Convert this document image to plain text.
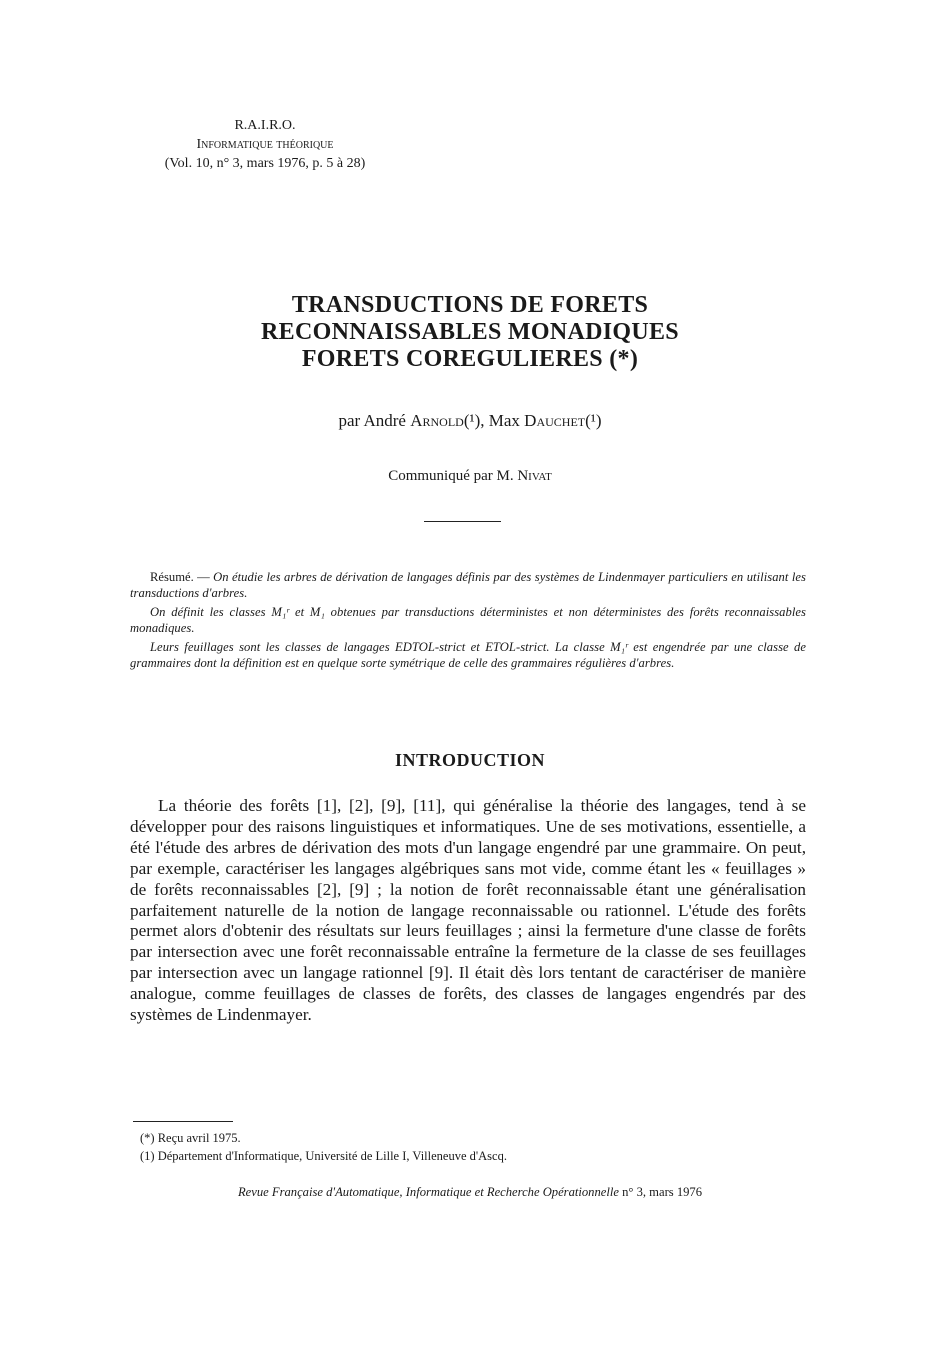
R.A.I.R.O.
Informatique théorique
(Vol. 10, n° 3, mars 1976, p. 5 à 28)
TRANSDUCTIONS DE FORETS
RECONNAISSABLES MONADIQUES
FORETS COREGULIERES (*)
par André Arnold(¹), Max Dauchet(¹)
Communiqué par M. Nivat

Résumé. — On étudie les arbres de dérivation de langages définis par des systèmes de Lindenmayer particuliers en utilisant les transductions d'arbres.

On définit les classes M₁ʳ et M₁ obtenues par transductions déterministes et non déterministes des forêts reconnaissables monadiques.

Leurs feuillages sont les classes de langages EDTOL-strict et ETOL-strict. La classe M₁ʳ est engendrée par une classe de grammaires dont la définition est en quelque sorte symétrique de celle des grammaires régulières d'arbres.

INTRODUCTION

La théorie des forêts [1], [2], [9], [11], qui généralise la théorie des langages, tend à se développer pour des raisons linguistiques et informatiques. Une de ses motivations, essentielle, a été l'étude des arbres de dérivation des mots d'un langage engendré par une grammaire. On peut, par exemple, caractériser les langages algébriques sans mot vide, comme étant les « feuillages » de forêts reconnaissables [2], [9] ; la notion de forêt reconnaissable étant une généralisation parfaitement naturelle de la notion de langage reconnaissable ou rationnel. L'étude des forêts permet alors d'obtenir des résultats sur leurs feuillages ; ainsi la fermeture d'une classe de forêts par intersection avec une forêt reconnaissable entraîne la fermeture de la classe de ses feuillages par intersection avec un langage rationnel [9]. Il était dès lors tentant de caractériser de manière analogue, comme feuillages de classes de forêts, des classes de langages engendrés par des systèmes de Lindenmayer.

(*) Reçu avril 1975.
(1) Département d'Informatique, Université de Lille I, Villeneuve d'Ascq.
Revue Française d'Automatique, Informatique et Recherche Opérationnelle n° 3, mars 1976
